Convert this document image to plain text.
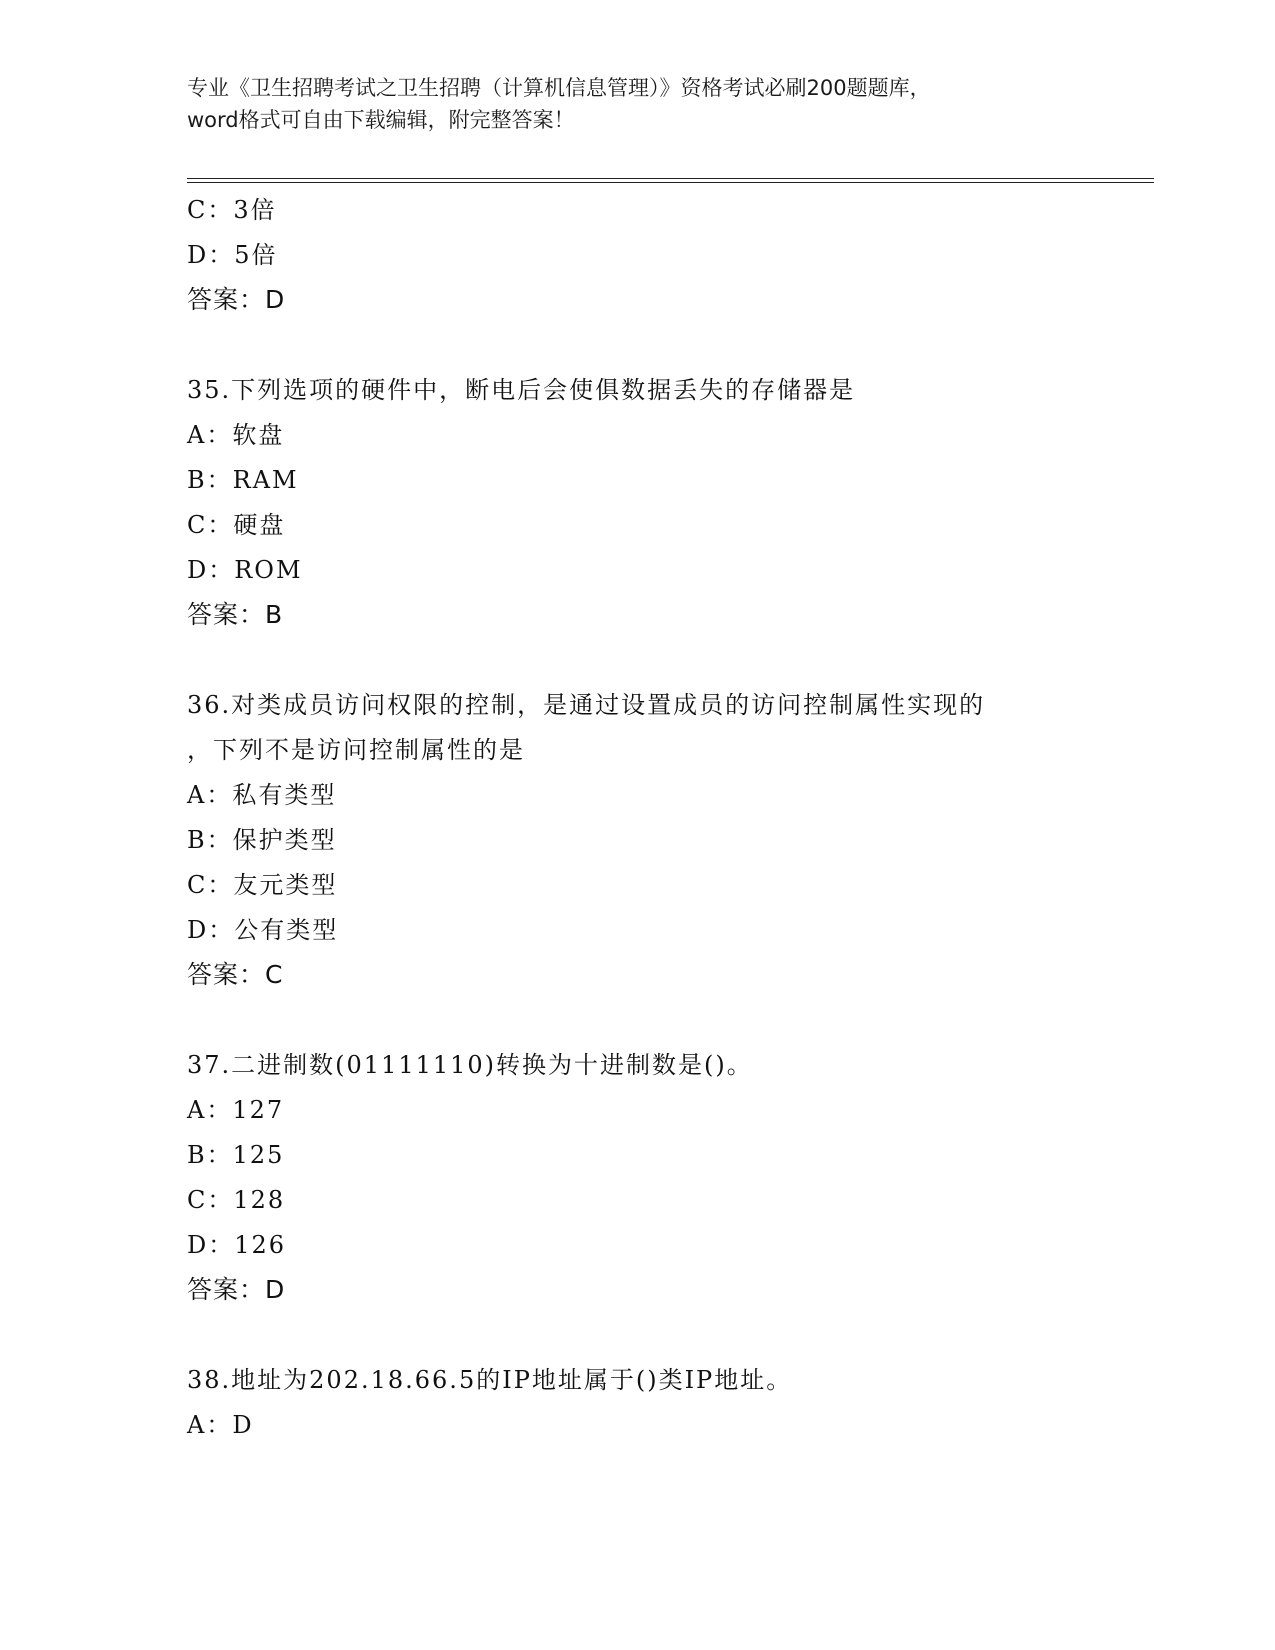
专业《卫生招聘考试之卫生招聘（计算机信息管理）》资格考试必刷200题题库，
word格式可自由下载编辑，附完整答案！
C：3倍
D：5倍
答案：D
35.下列选项的硬件中，断电后会使俱数据丢失的存储器是
A：软盘
B：RAM
C：硬盘
D：ROM
答案：B
36.对类成员访问权限的控制，是通过设置成员的访问控制属性实现的
，下列不是访问控制属性的是
A：私有类型
B：保护类型
C：友元类型
D：公有类型
答案：C
37.二进制数(01111110)转换为十进制数是()。
A：127
B：125
C：128
D：126
答案：D
38.地址为202.18.66.5的IP地址属于()类IP地址。
A：D
